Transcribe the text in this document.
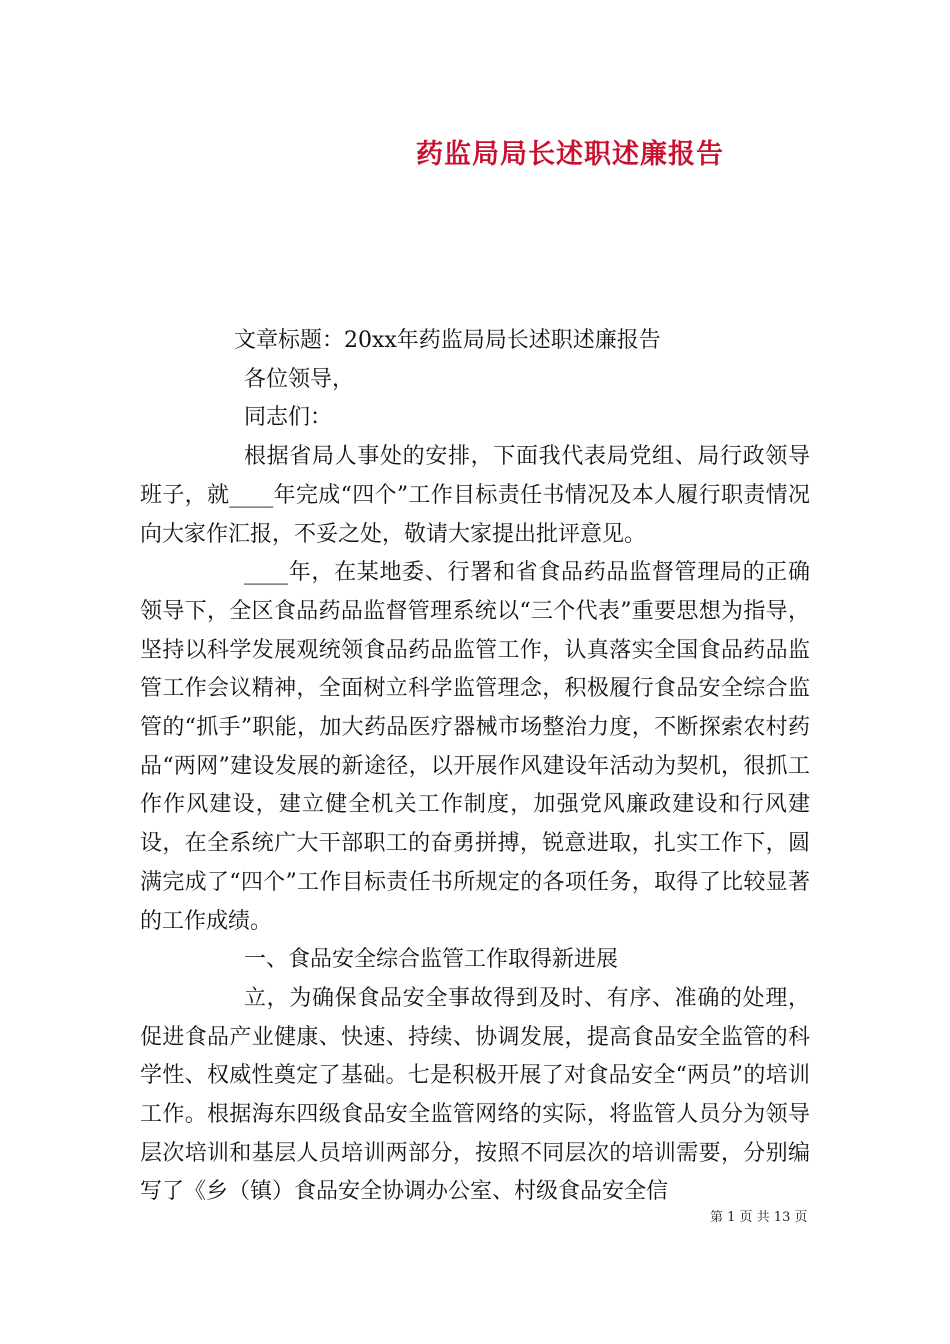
药监局局长述职述廉报告

文章标题：20xx年药监局局长述职述廉报告

各位领导，

同志们：

根据省局人事处的安排，下面我代表局党组、局行政领导班子，就____年完成“四个”工作目标责任书情况及本人履行职责情况向大家作汇报，不妥之处，敬请大家提出批评意见。

____年，在某地委、行署和省食品药品监督管理局的正确领导下，全区食品药品监督管理系统以“三个代表”重要思想为指导，坚持以科学发展观统领食品药品监管工作，认真落实全国食品药品监管工作会议精神，全面树立科学监管理念，积极履行食品安全综合监管的“抓手”职能，加大药品医疗器械市场整治力度，不断探索农村药品“两网”建设发展的新途径，以开展作风建设年活动为契机，很抓工作作风建设，建立健全机关工作制度，加强党风廉政建设和行风建设，在全系统广大干部职工的奋勇拼搏，锐意进取，扎实工作下，圆满完成了“四个”工作目标责任书所规定的各项任务，取得了比较显著的工作成绩。

一、食品安全综合监管工作取得新进展

立，为确保食品安全事故得到及时、有序、准确的处理，促进食品产业健康、快速、持续、协调发展，提高食品安全监管的科学性、权威性奠定了基础。七是积极开展了对食品安全“两员”的培训工作。根据海东四级食品安全监管网络的实际，将监管人员分为领导层次培训和基层人员培训两部分，按照不同层次的培训需要，分别编写了《乡（镇）食品安全协调办公室、村级食品安全信

第 1 页 共 13 页
